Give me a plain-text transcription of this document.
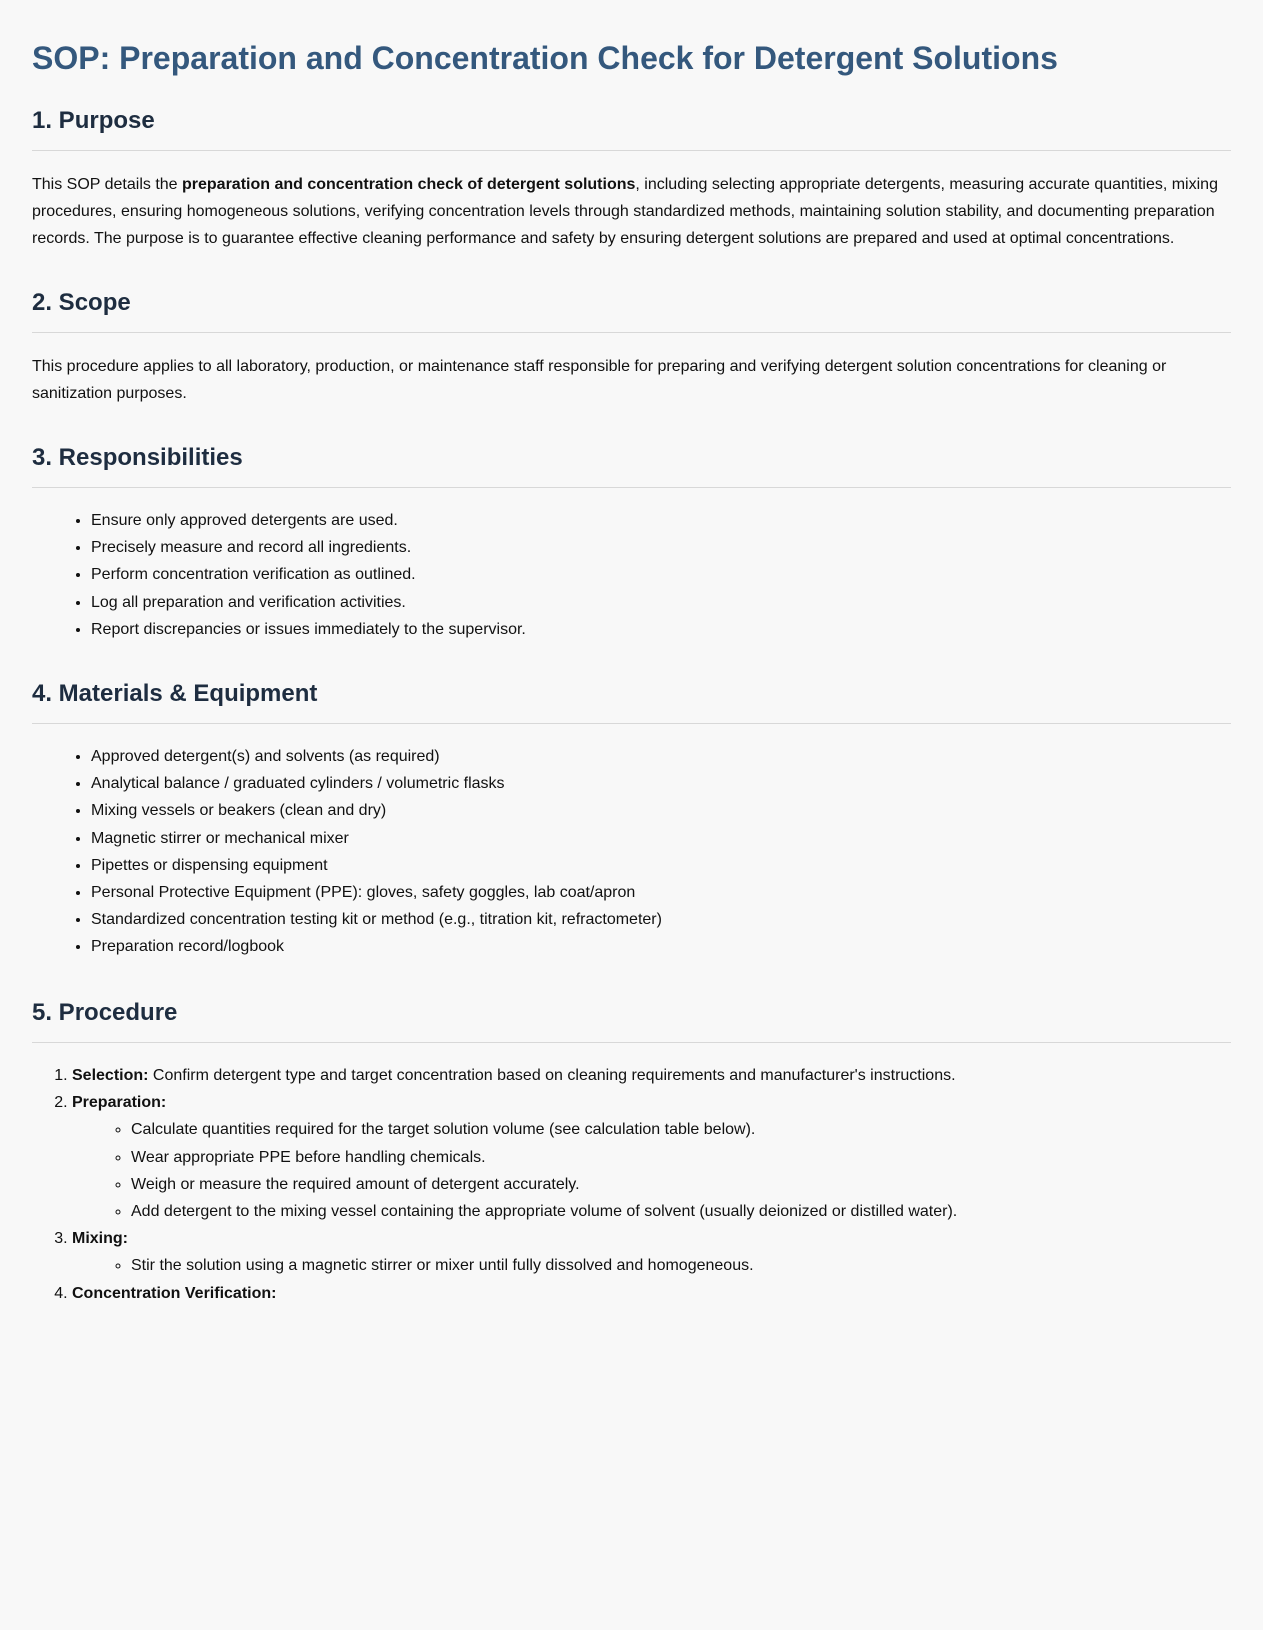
SOP: Preparation and Concentration Check for Detergent Solutions
1. Purpose

This SOP details the preparation and concentration check of detergent solutions, including selecting appropriate detergents, measuring accurate quantities, mixing procedures, ensuring homogeneous solutions, verifying concentration levels through standardized methods, maintaining solution stability, and documenting preparation records. The purpose is to guarantee effective cleaning performance and safety by ensuring detergent solutions are prepared and used at optimal concentrations.

2. Scope

This procedure applies to all laboratory, production, or maintenance staff responsible for preparing and verifying detergent solution concentrations for cleaning or sanitization purposes.

3. Responsibilities
• Ensure only approved detergents are used.
• Precisely measure and record all ingredients.
• Perform concentration verification as outlined.
• Log all preparation and verification activities.
• Report discrepancies or issues immediately to the supervisor.
4. Materials & Equipment
• Approved detergent(s) and solvents (as required)
• Analytical balance / graduated cylinders / volumetric flasks
• Mixing vessels or beakers (clean and dry)
• Magnetic stirrer or mechanical mixer
• Pipettes or dispensing equipment
• Personal Protective Equipment (PPE): gloves, safety goggles, lab coat/apron
• Standardized concentration testing kit or method (e.g., titration kit, refractometer)
• Preparation record/logbook
5. Procedure
1. Selection: Confirm detergent type and target concentration based on cleaning requirements and manufacturer's instructions.
2. Preparation:
◦ Calculate quantities required for the target solution volume (see calculation table below).
◦ Wear appropriate PPE before handling chemicals.
◦ Weigh or measure the required amount of detergent accurately.
◦ Add detergent to the mixing vessel containing the appropriate volume of solvent (usually deionized or distilled water).
3. Mixing:
◦ Stir the solution using a magnetic stirrer or mixer until fully dissolved and homogeneous.
4. Concentration Verification:
